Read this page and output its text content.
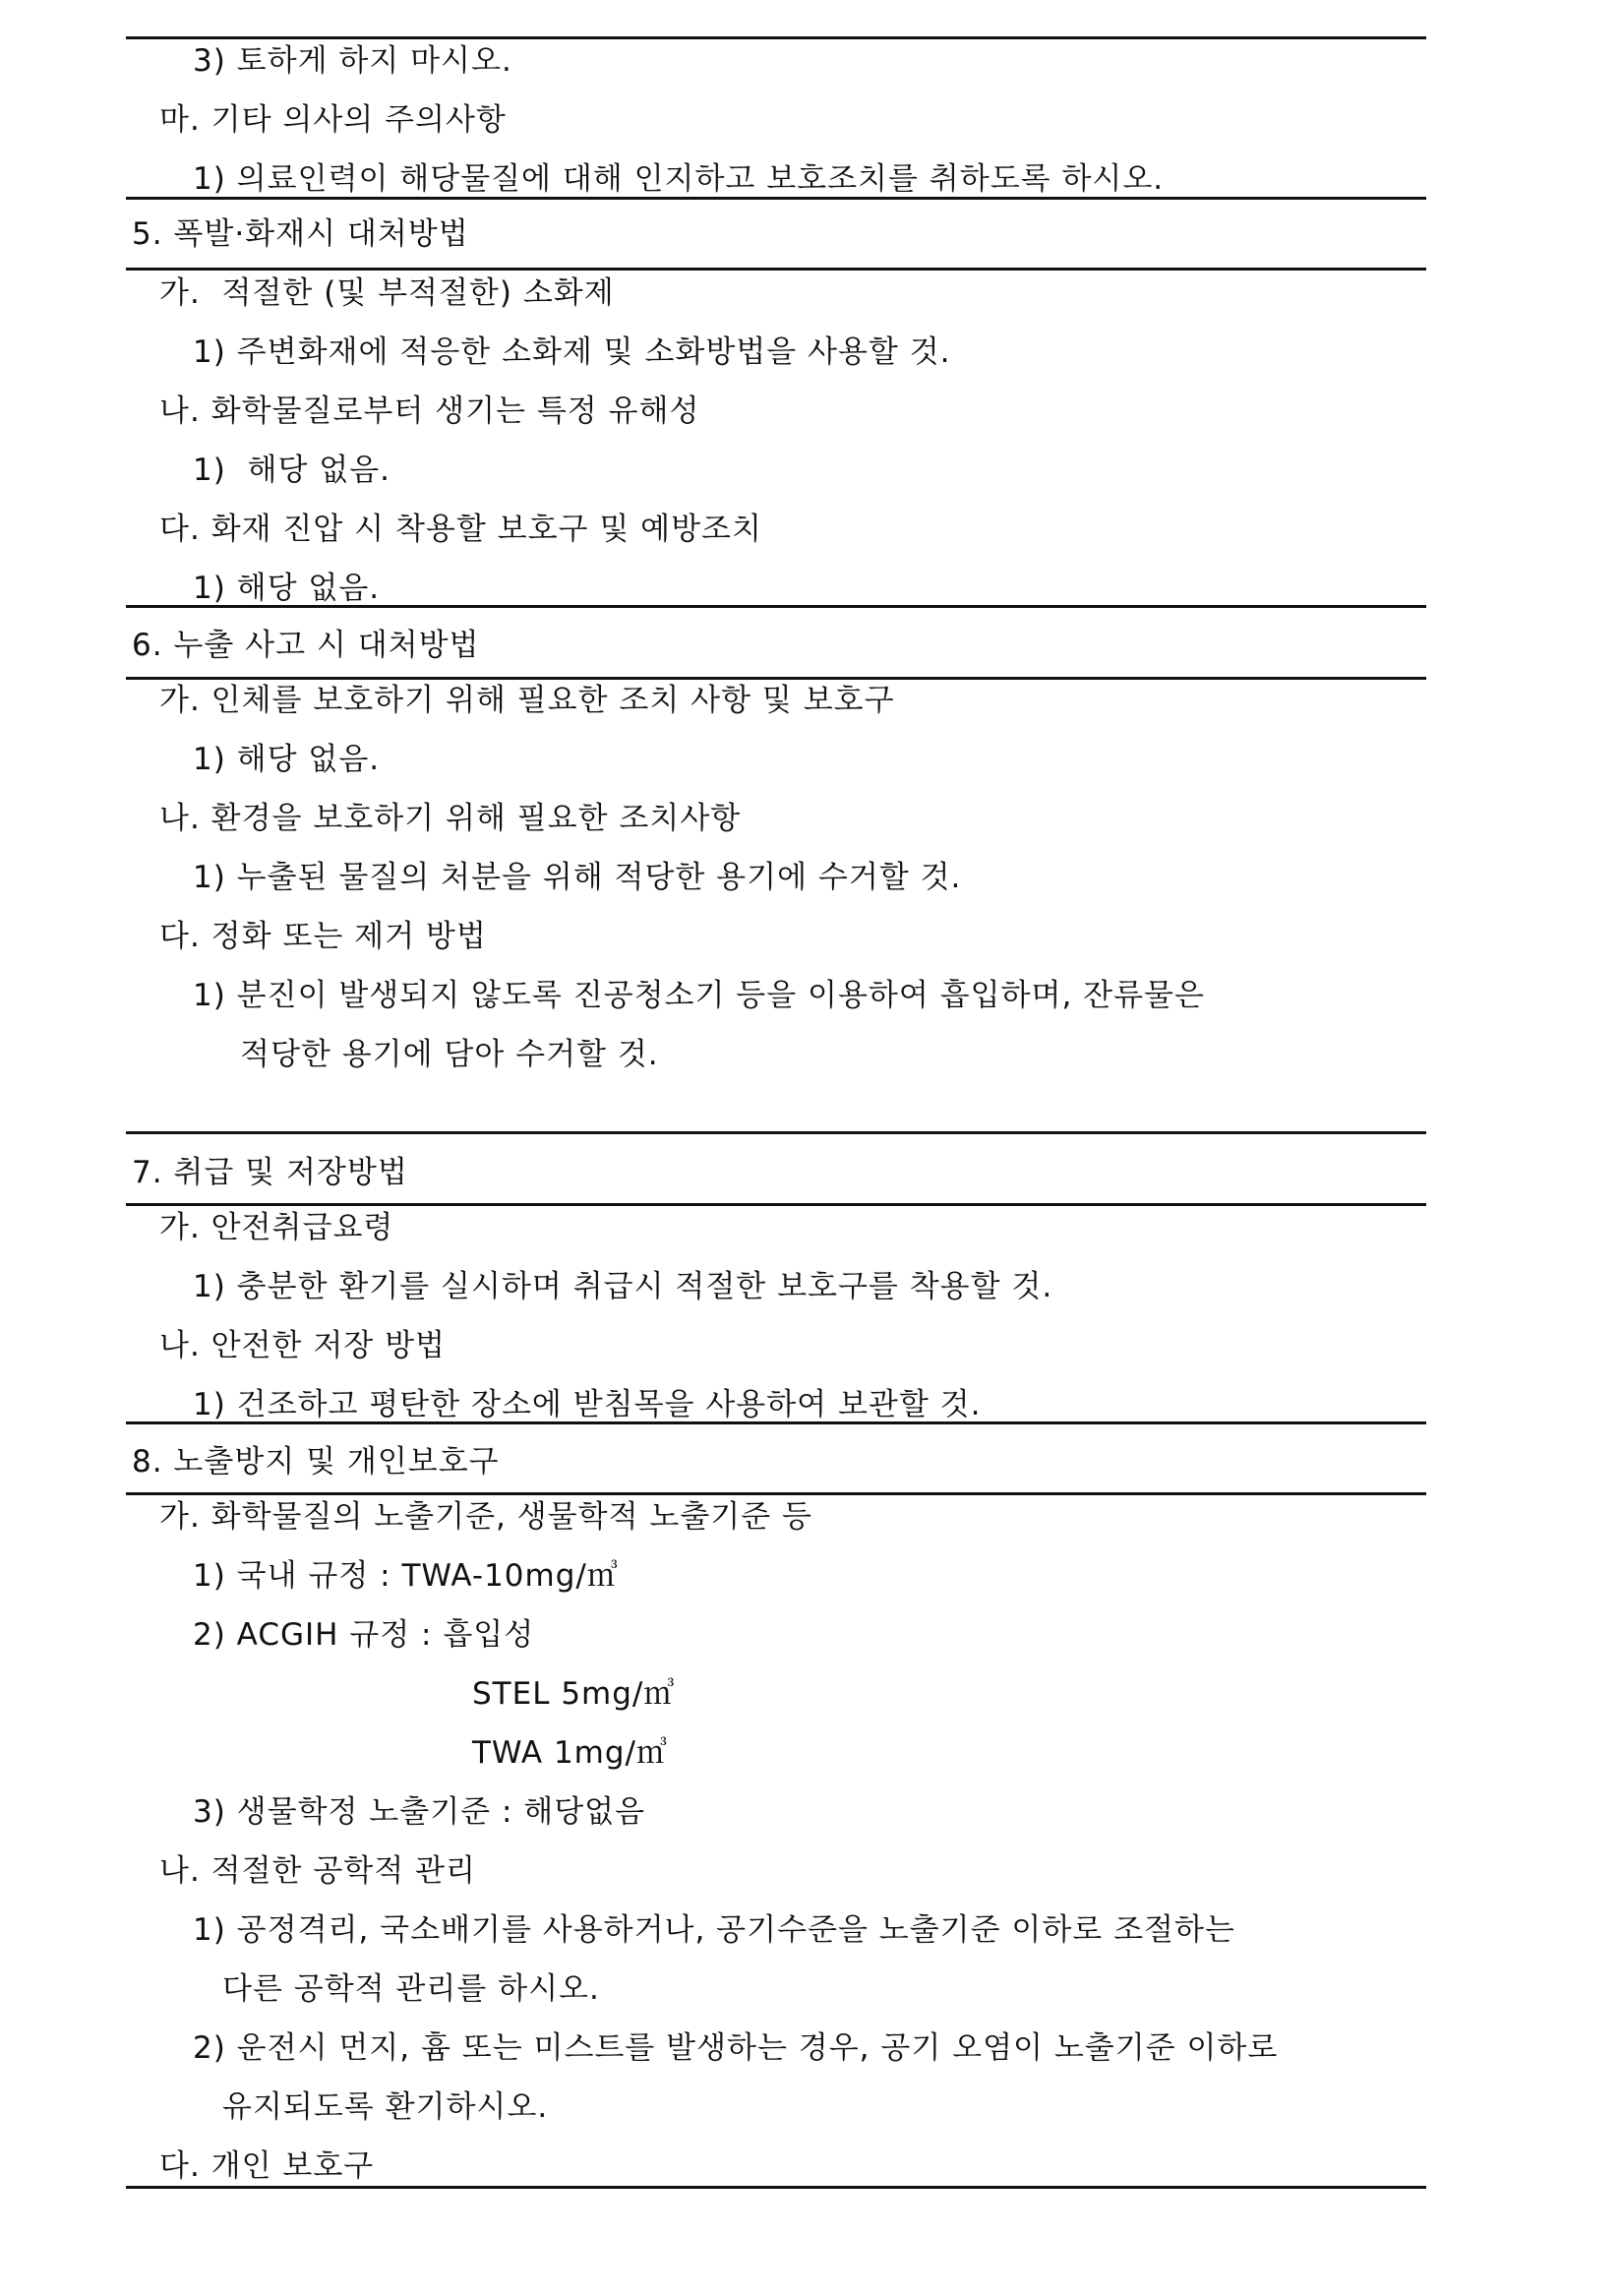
3) 토하게 하지 마시오.
마. 기타 의사의 주의사항
1) 의료인력이 해당물질에 대해 인지하고 보호조치를 취하도록 하시오.
5. 폭발·화재시 대처방법
가.  적절한 (및 부적절한) 소화제
1) 주변화재에 적응한 소화제 및 소화방법을 사용할 것.
나. 화학물질로부터 생기는 특정 유해성
1)  해당 없음.
다. 화재 진압 시 착용할 보호구 및 예방조치
1) 해당 없음.
6. 누출 사고 시 대처방법
가. 인체를 보호하기 위해 필요한 조치 사항 및 보호구
1) 해당 없음.
나. 환경을 보호하기 위해 필요한 조치사항
1) 누출된 물질의 처분을 위해 적당한 용기에 수거할 것.
다. 정화 또는 제거 방법
1) 분진이 발생되지 않도록 진공청소기 등을 이용하여 흡입하며, 잔류물은
적당한 용기에 담아 수거할 것.
7. 취급 및 저장방법
가. 안전취급요령
1) 충분한 환기를 실시하며 취급시 적절한 보호구를 착용할 것.
나. 안전한 저장 방법
1) 건조하고 평탄한 장소에 받침목을 사용하여 보관할 것.
8. 노출방지 및 개인보호구
가. 화학물질의 노출기준, 생물학적 노출기준 등
1) 국내 규정 : TWA-10mg/㎥
2) ACGIH 규정 : 흡입성
STEL 5mg/㎥
TWA 1mg/㎥
3) 생물학정 노출기준 : 해당없음
나. 적절한 공학적 관리
1) 공정격리, 국소배기를 사용하거나, 공기수준을 노출기준 이하로 조절하는
다른 공학적 관리를 하시오.
2) 운전시 먼지, 흄 또는 미스트를 발생하는 경우, 공기 오염이 노출기준 이하로
유지되도록 환기하시오.
다. 개인 보호구
